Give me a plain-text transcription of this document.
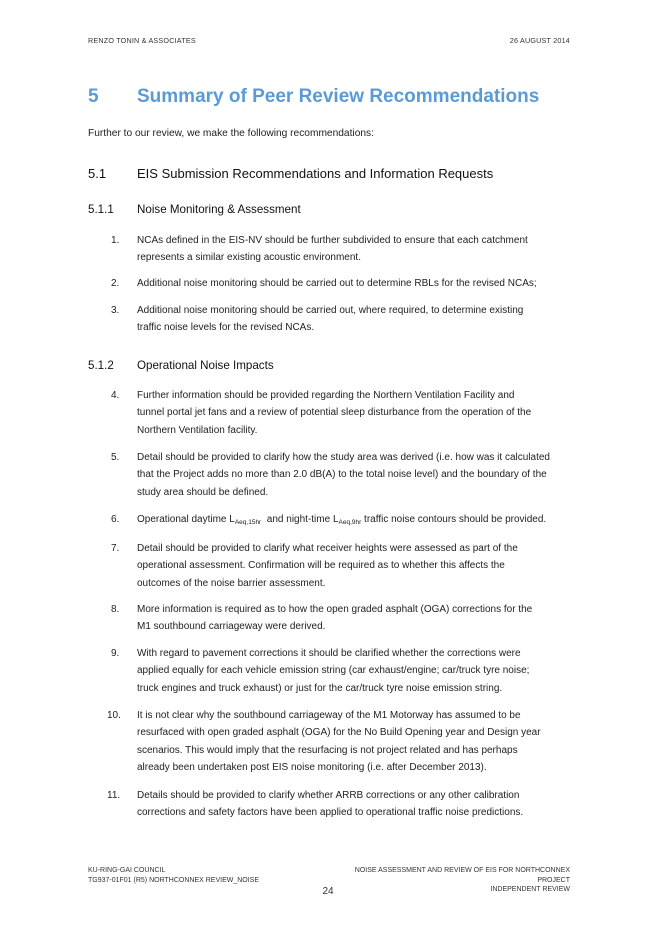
RENZO TONIN & ASSOCIATES	26 AUGUST 2014
5 Summary of Peer Review Recommendations
Further to our review, we make the following recommendations:
5.1 EIS Submission Recommendations and Information Requests
5.1.1 Noise Monitoring & Assessment
1. NCAs defined in the EIS-NV should be further subdivided to ensure that each catchment
represents a similar existing acoustic environment.
2. Additional noise monitoring should be carried out to determine RBLs for the revised NCAs;
3. Additional noise monitoring should be carried out, where required, to determine existing
traffic noise levels for the revised NCAs.
5.1.2 Operational Noise Impacts
4. Further information should be provided regarding the Northern Ventilation Facility and
tunnel portal jet fans and a review of potential sleep disturbance from the operation of the
Northern Ventilation facility.
5. Detail should be provided to clarify how the study area was derived (i.e. how was it calculated
that the Project adds no more than 2.0 dB(A) to the total noise level) and the boundary of the
study area should be defined.
6. Operational daytime $L_{Aeq,15hr}$  and night-time $L_{Aeq,9hr}$ traffic noise contours should be provided.
7. Detail should be provided to clarify what receiver heights were assessed as part of the
operational assessment. Confirmation will be required as to whether this affects the
outcomes of the noise barrier assessment.
8. More information is required as to how the open graded asphalt (OGA) corrections for the
M1 southbound carriageway were derived.
9. With regard to pavement corrections it should be clarified whether the corrections were
applied equally for each vehicle emission string (car exhaust/engine; car/truck tyre noise;
truck engines and truck exhaust) or just for the car/truck tyre noise emission string.
10. It is not clear why the southbound carriageway of the M1 Motorway has assumed to be
resurfaced with open graded asphalt (OGA) for the No Build Opening year and Design year
scenarios. This would imply that the resurfacing is not project related and has perhaps
already been undertaken post EIS noise monitoring (i.e. after December 2013).
11. Details should be provided to clarify whether ARRB corrections or any other calibration
corrections and safety factors have been applied to operational traffic noise predictions.
KU-RING-GAI COUNCIL
TG937-01F01 (R5) NORTHCONNEX REVIEW_NOISE
NOISE ASSESSMENT AND REVIEW OF EIS FOR NORTHCONNEX
PROJECT
INDEPENDENT REVIEW
24
